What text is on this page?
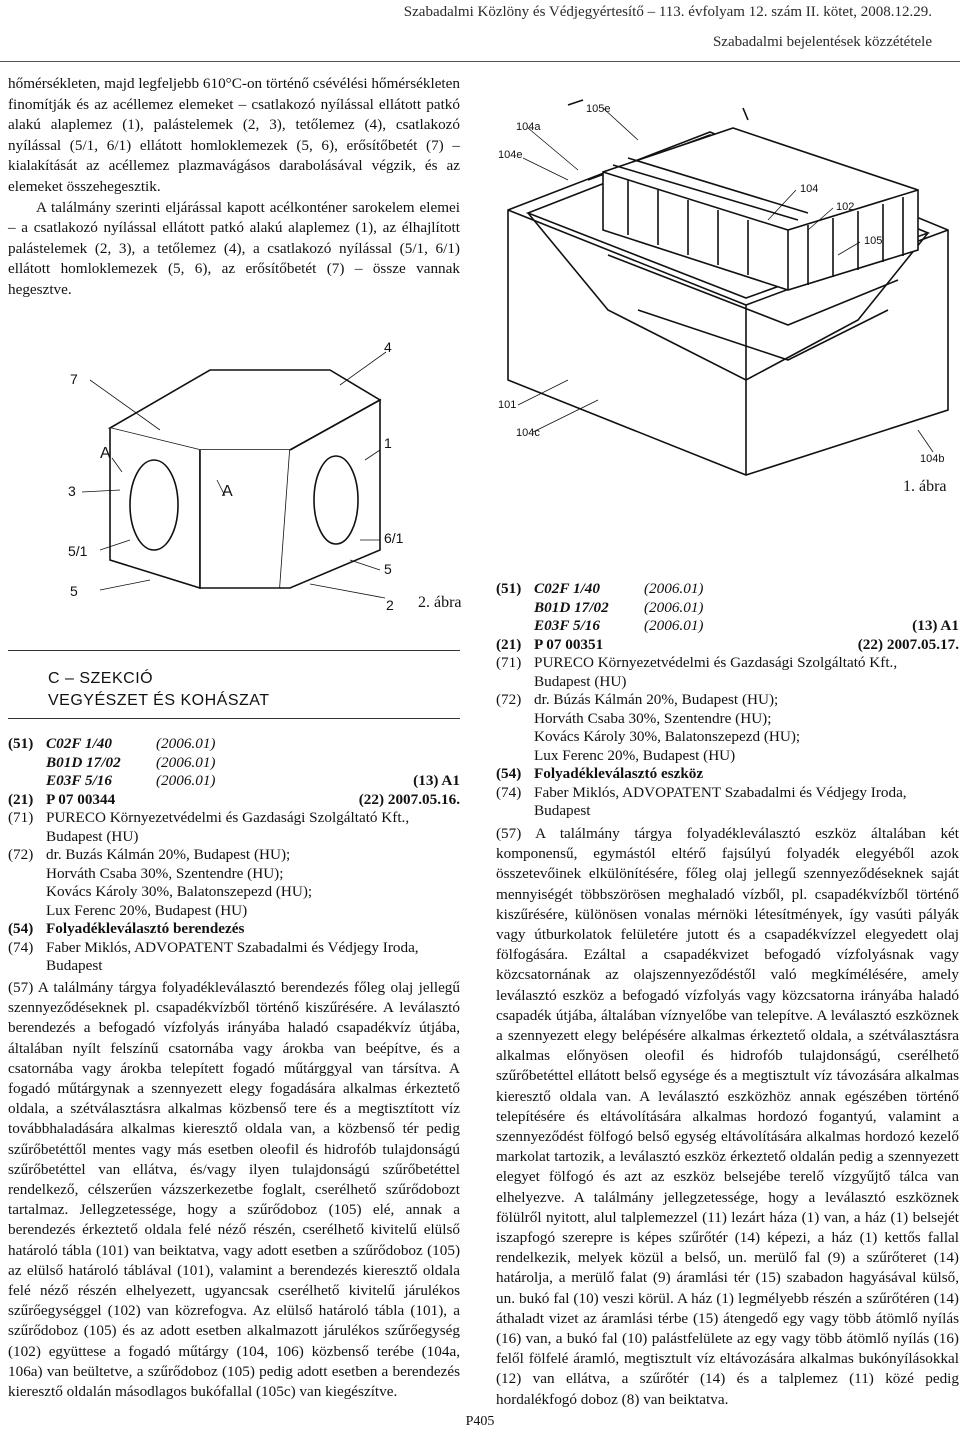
Szabadalmi Közlöny és Védjegyértesítő – 113. évfolyam 12. szám II. kötet, 2008.12.29.
Szabadalmi bejelentések közzététele

hőmérsékleten, majd legfeljebb 610°C-on történő csévélési hőmérsékleten finomítják és az acéllemez elemeket – csatlakozó nyílással ellátott patkó alakú alaplemez (1), palástelemek (2, 3), tetőlemez (4), csatlakozó nyílással (5/1, 6/1) ellátott homloklemezek (5, 6), erősítőbetét (7) – kialakítását az acéllemez plazmavágásos darabolásával végzik, és az elemeket összehegesztik.

A találmány szerinti eljárással kapott acélkonténer sarokelem elemei – a csatlakozó nyílással ellátott patkó alakú alaplemez (1), az élhajlított palástelemek (2, 3), a tetőlemez (4), a csatlakozó nyílással (5/1, 6/1) ellátott homloklemezek (5, 6), az erősítőbetét (7) – össze vannak hegesztve.

105e
104a
104e
104
102
105
101
104c
104b
1. ábra
4
7
A
A
1
3
5/1
5
6/1
5
2 2. ábra
C – SZEKCIÓ
VEGYÉSZET ÉS KOHÁSZAT
(51) C02F 1/40	(2006.01)
B01D 17/02 (2006.01)
E03F 5/16	(2006.01)	(13) A1
(21) P 07 00344	(22) 2007.05.16.
(71) PURECO Környezetvédelmi és Gazdasági Szolgáltató Kft.,
Budapest (HU)
(72) dr. Buzás Kálmán 20%, Budapest (HU);
Horváth Csaba 30%, Szentendre (HU);
Kovács Károly 30%, Balatonszepezd (HU);
Lux Ferenc 20%, Budapest (HU)
(54) Folyadékleválasztó berendezés
(74) Faber Miklós, ADVOPATENT Szabadalmi és Védjegy Iroda,
Budapest

(57) A találmány tárgya folyadékleválasztó berendezés főleg olaj jellegű szennyeződéseknek pl. csapadékvízből történő kiszűrésére. A leválasztó berendezés a befogadó vízfolyás irányába haladó csapadékvíz útjába, általában nyílt felszínű csatornába vagy árokba van beépítve, és a csatornába vagy árokba telepített fogadó műtárggyal van társítva. A fogadó műtárgynak a szennyezett elegy fogadására alkalmas érkeztető oldala, a szétválasztásra alkalmas közbenső tere és a megtisztított víz továbbhaladására alkalmas kieresztő oldala van, a közbenső tér pedig szűrőbetéttől mentes vagy más esetben oleofil és hidrofób tulajdonságú szűrőbetéttel van ellátva, és/vagy ilyen tulajdonságú szűrőbetéttel rendelkező, célszerűen vázszerkezetbe foglalt, cserélhető szűrődobozt tartalmaz. Jellegzetessége, hogy a szűrődoboz (105) elé, annak a berendezés érkeztető oldala felé néző részén, cserélhető kivitelű elülső határoló tábla (101) van beiktatva, vagy adott esetben a szűrődoboz (105) az elülső határoló táblával (101), valamint a berendezés kieresztő oldala felé néző részén elhelyezett, ugyancsak cserélhető kivitelű járulékos szűrőegységgel (102) van közrefogva. Az elülső határoló tábla (101), a szűrődoboz (105) és az adott esetben alkalmazott járulékos szűrőegység (102) együttese a fogadó műtárgy (104, 106) közbenső terébe (104a, 106a) van beültetve, a szűrődoboz (105) pedig adott esetben a berendezés kieresztő oldalán másodlagos bukófallal (105c) van kiegészítve.

(51) C02F 1/40	(2006.01)
B01D 17/02 (2006.01)
E03F 5/16	(2006.01)	(13) A1
(21) P 07 00351	(22) 2007.05.17.
(71) PURECO Környezetvédelmi és Gazdasági Szolgáltató Kft.,
Budapest (HU)
(72) dr. Búzás Kálmán 20%, Budapest (HU);
Horváth Csaba 30%, Szentendre (HU);
Kovács Károly 30%, Balatonszepezd (HU);
Lux Ferenc 20%, Budapest (HU)
(54) Folyadékleválasztó eszköz
(74) Faber Miklós, ADVOPATENT Szabadalmi és Védjegy Iroda,
Budapest

(57) A találmány tárgya folyadékleválasztó eszköz általában két komponensű, egymástól eltérő fajsúlyú folyadék elegyéből azok összetevőinek elkülönítésére, főleg olaj jellegű szennyeződéseknek saját mennyiségét többszörösen meghaladó vízből, pl. csapadékvízből történő kiszűrésére, különösen vonalas mérnöki létesítmények, így vasúti pályák vagy útburkolatok felületére jutott és a csapadékvízzel elegyedett olaj fölfogására. Ezáltal a csapadékvizet befogadó vízfolyásnak vagy közcsatornának az olajszennyeződéstől való megkímélésére, amely leválasztó eszköz a befogadó vízfolyás vagy közcsatorna irányába haladó csapadék útjába, általában víznyelőbe van telepítve. A leválasztó eszköznek a szennyezett elegy belépésére alkalmas érkeztető oldala, a szétválasztásra alkalmas előnyösen oleofil és hidrofób tulajdonságú, cserélhető szűrőbetéttel ellátott belső egysége és a megtisztult víz távozására alkalmas kieresztő oldala van. A leválasztó eszközhöz annak egészében történő telepítésére és eltávolítására alkalmas hordozó fogantyú, valamint a szennyeződést fölfogó belső egység eltávolítására alkalmas hordozó kezelő markolat tartozik, a leválasztó eszköz érkeztető oldalán pedig a szennyezett elegyet fölfogó és azt az eszköz belsejébe terelő vízgyűjtő tálca van elhelyezve. A találmány jellegzetessége, hogy a leválasztó eszköznek fölülről nyitott, alul talplemezzel (11) lezárt háza (1) van, a ház (1) belsejét iszapfogó szerepre is képes szűrőtér (14) képezi, a ház (1) kettős fallal rendelkezik, melyek közül a belső, un. merülő fal (9) a szűrőteret (14) határolja, a merülő falat (9) áramlási tér (15) szabadon hagyásával külső, un. bukó fal (10) veszi körül. A ház (1) legmélyebb részén a szűrőtéren (14) áthaladt vizet az áramlási térbe (15) átengedő egy vagy több átömlő nyílás (16) van, a bukó fal (10) palástfelülete az egy vagy több átömlő nyílás (16) felől fölfelé áramló, megtisztult víz eltávozására alkalmas bukónyílásokkal (12) van ellátva, a szűrőtér (14) és a talplemez (11) közé pedig hordalékfogó doboz (8) van beiktatva.

P405
